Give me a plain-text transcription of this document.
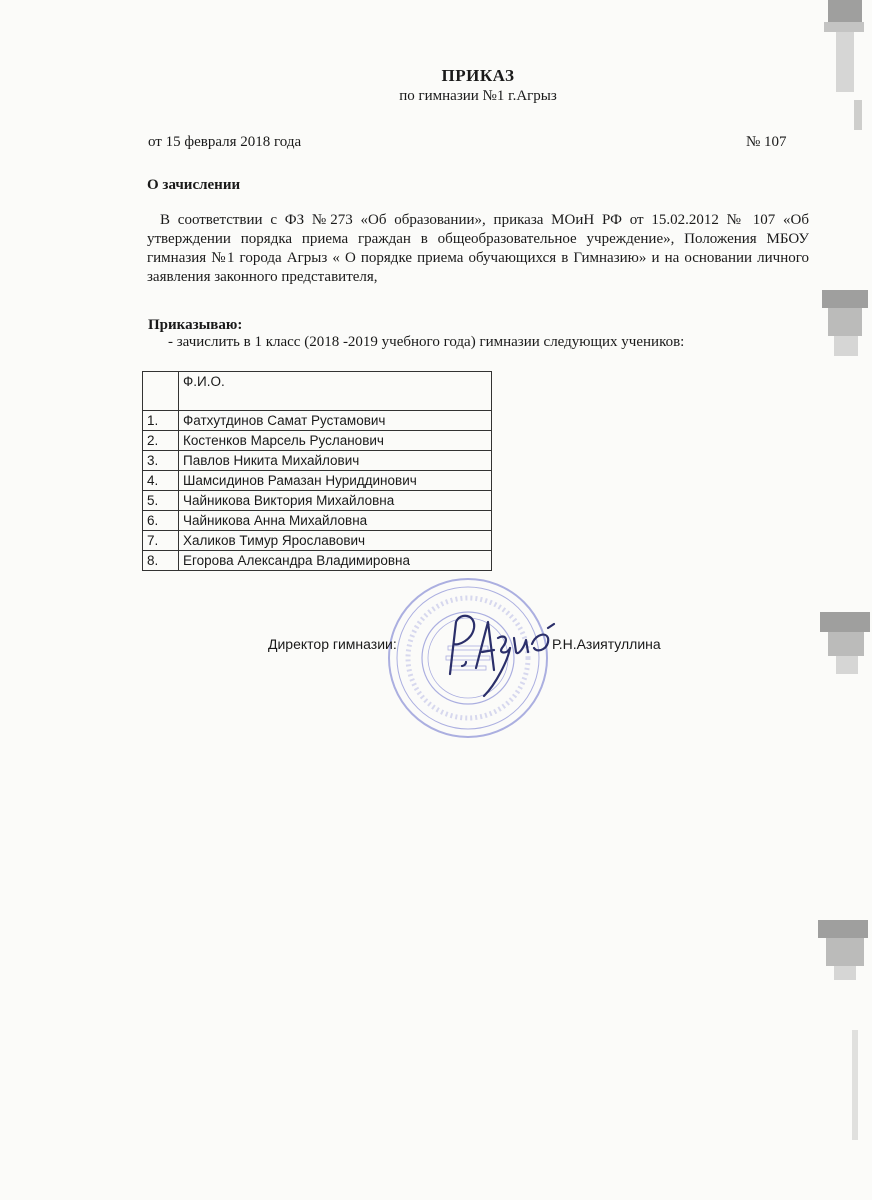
ПРИКАЗ
по гимназии №1 г.Агрыз
от 15 февраля 2018 года	№ 107
О зачислении
В соответствии с ФЗ №273 «Об образовании», приказа МОиН РФ от 15.02.2012 № 107 «Об утверждении порядка приема граждан в общеобразовательное учреждение», Положения МБОУ гимназия №1 города Агрыз « О порядке приема обучающихся в Гимназию» и на основании личного заявления законного представителя,
Приказываю:
- зачислить в 1 класс (2018 -2019 учебного года) гимназии следующих учеников:
	Ф.И.О.
1.	Фатхутдинов Самат Рустамович
2.	Костенков Марсель Русланович
3.	Павлов Никита Михайлович
4.	Шамсидинов Рамазан Нуриддинович
5.	Чайникова Виктория Михайловна
6.	Чайникова Анна Михайловна
7.	Халиков Тимур Ярославович
8.	Егорова Александра Владимировна
Директор гимназии:	Р.Н.Азиятуллина
